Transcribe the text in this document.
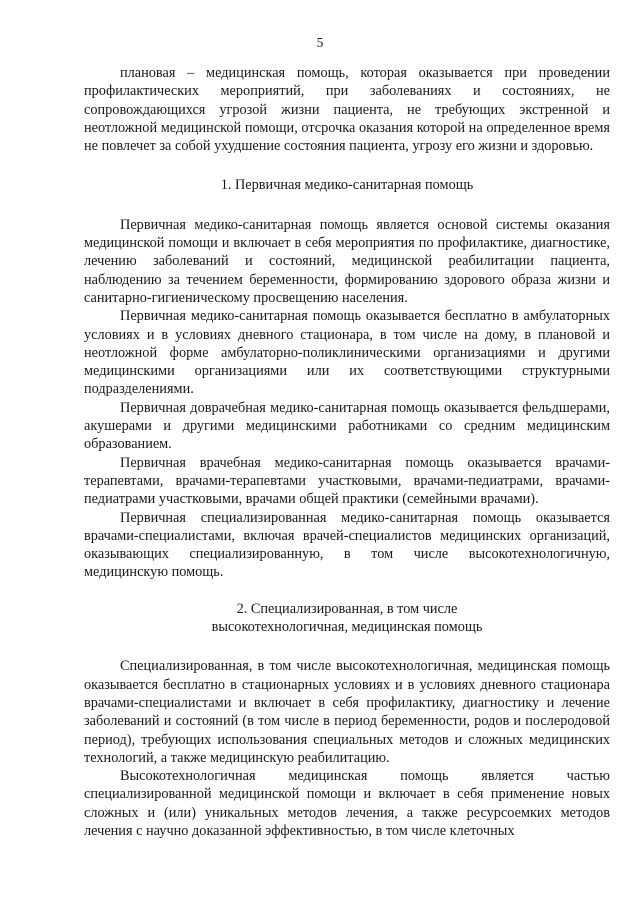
5

плановая – медицинская помощь, которая оказывается при проведении профилактических мероприятий, при заболеваниях и состояниях, не сопровождающихся угрозой жизни пациента, не требующих экстренной и неотложной медицинской помощи, отсрочка оказания которой на определенное время не повлечет за собой ухудшение состояния пациента, угрозу его жизни и здоровью.

1. Первичная медико-санитарная помощь

Первичная медико-санитарная помощь является основой системы оказания медицинской помощи и включает в себя мероприятия по профилактике, диагностике, лечению заболеваний и состояний, медицинской реабилитации пациента, наблюдению за течением беременности, формированию здорового образа жизни и санитарно-гигиеническому просвещению населения.

Первичная медико-санитарная помощь оказывается бесплатно в амбулаторных условиях и в условиях дневного стационара, в том числе на дому, в плановой и неотложной форме амбулаторно-поликлиническими организациями и другими медицинскими организациями или их соответствующими структурными подразделениями.

Первичная доврачебная медико-санитарная помощь оказывается фельдшерами, акушерами и другими медицинскими работниками со средним медицинским образованием.

Первичная врачебная медико-санитарная помощь оказывается врачами-терапевтами, врачами-терапевтами участковыми, врачами-педиатрами, врачами-педиатрами участковыми, врачами общей практики (семейными врачами).

Первичная специализированная медико-санитарная помощь оказывается врачами-специалистами, включая врачей-специалистов медицинских организаций, оказывающих специализированную, в том числе высокотехнологичную, медицинскую помощь.

2. Специализированная, в том числе

высокотехнологичная, медицинская помощь

Специализированная, в том числе высокотехнологичная, медицинская помощь оказывается бесплатно в стационарных условиях и в условиях дневного стационара врачами-специалистами и включает в себя профилактику, диагностику и лечение заболеваний и состояний (в том числе в период беременности, родов и послеродовой период), требующих использования специальных методов и сложных медицинских технологий, а также медицинскую реабилитацию.

Высокотехнологичная медицинская помощь является частью специализированной медицинской помощи и включает в себя применение новых сложных и (или) уникальных методов лечения, а также ресурсоемких методов лечения с научно доказанной эффективностью, в том числе клеточных
